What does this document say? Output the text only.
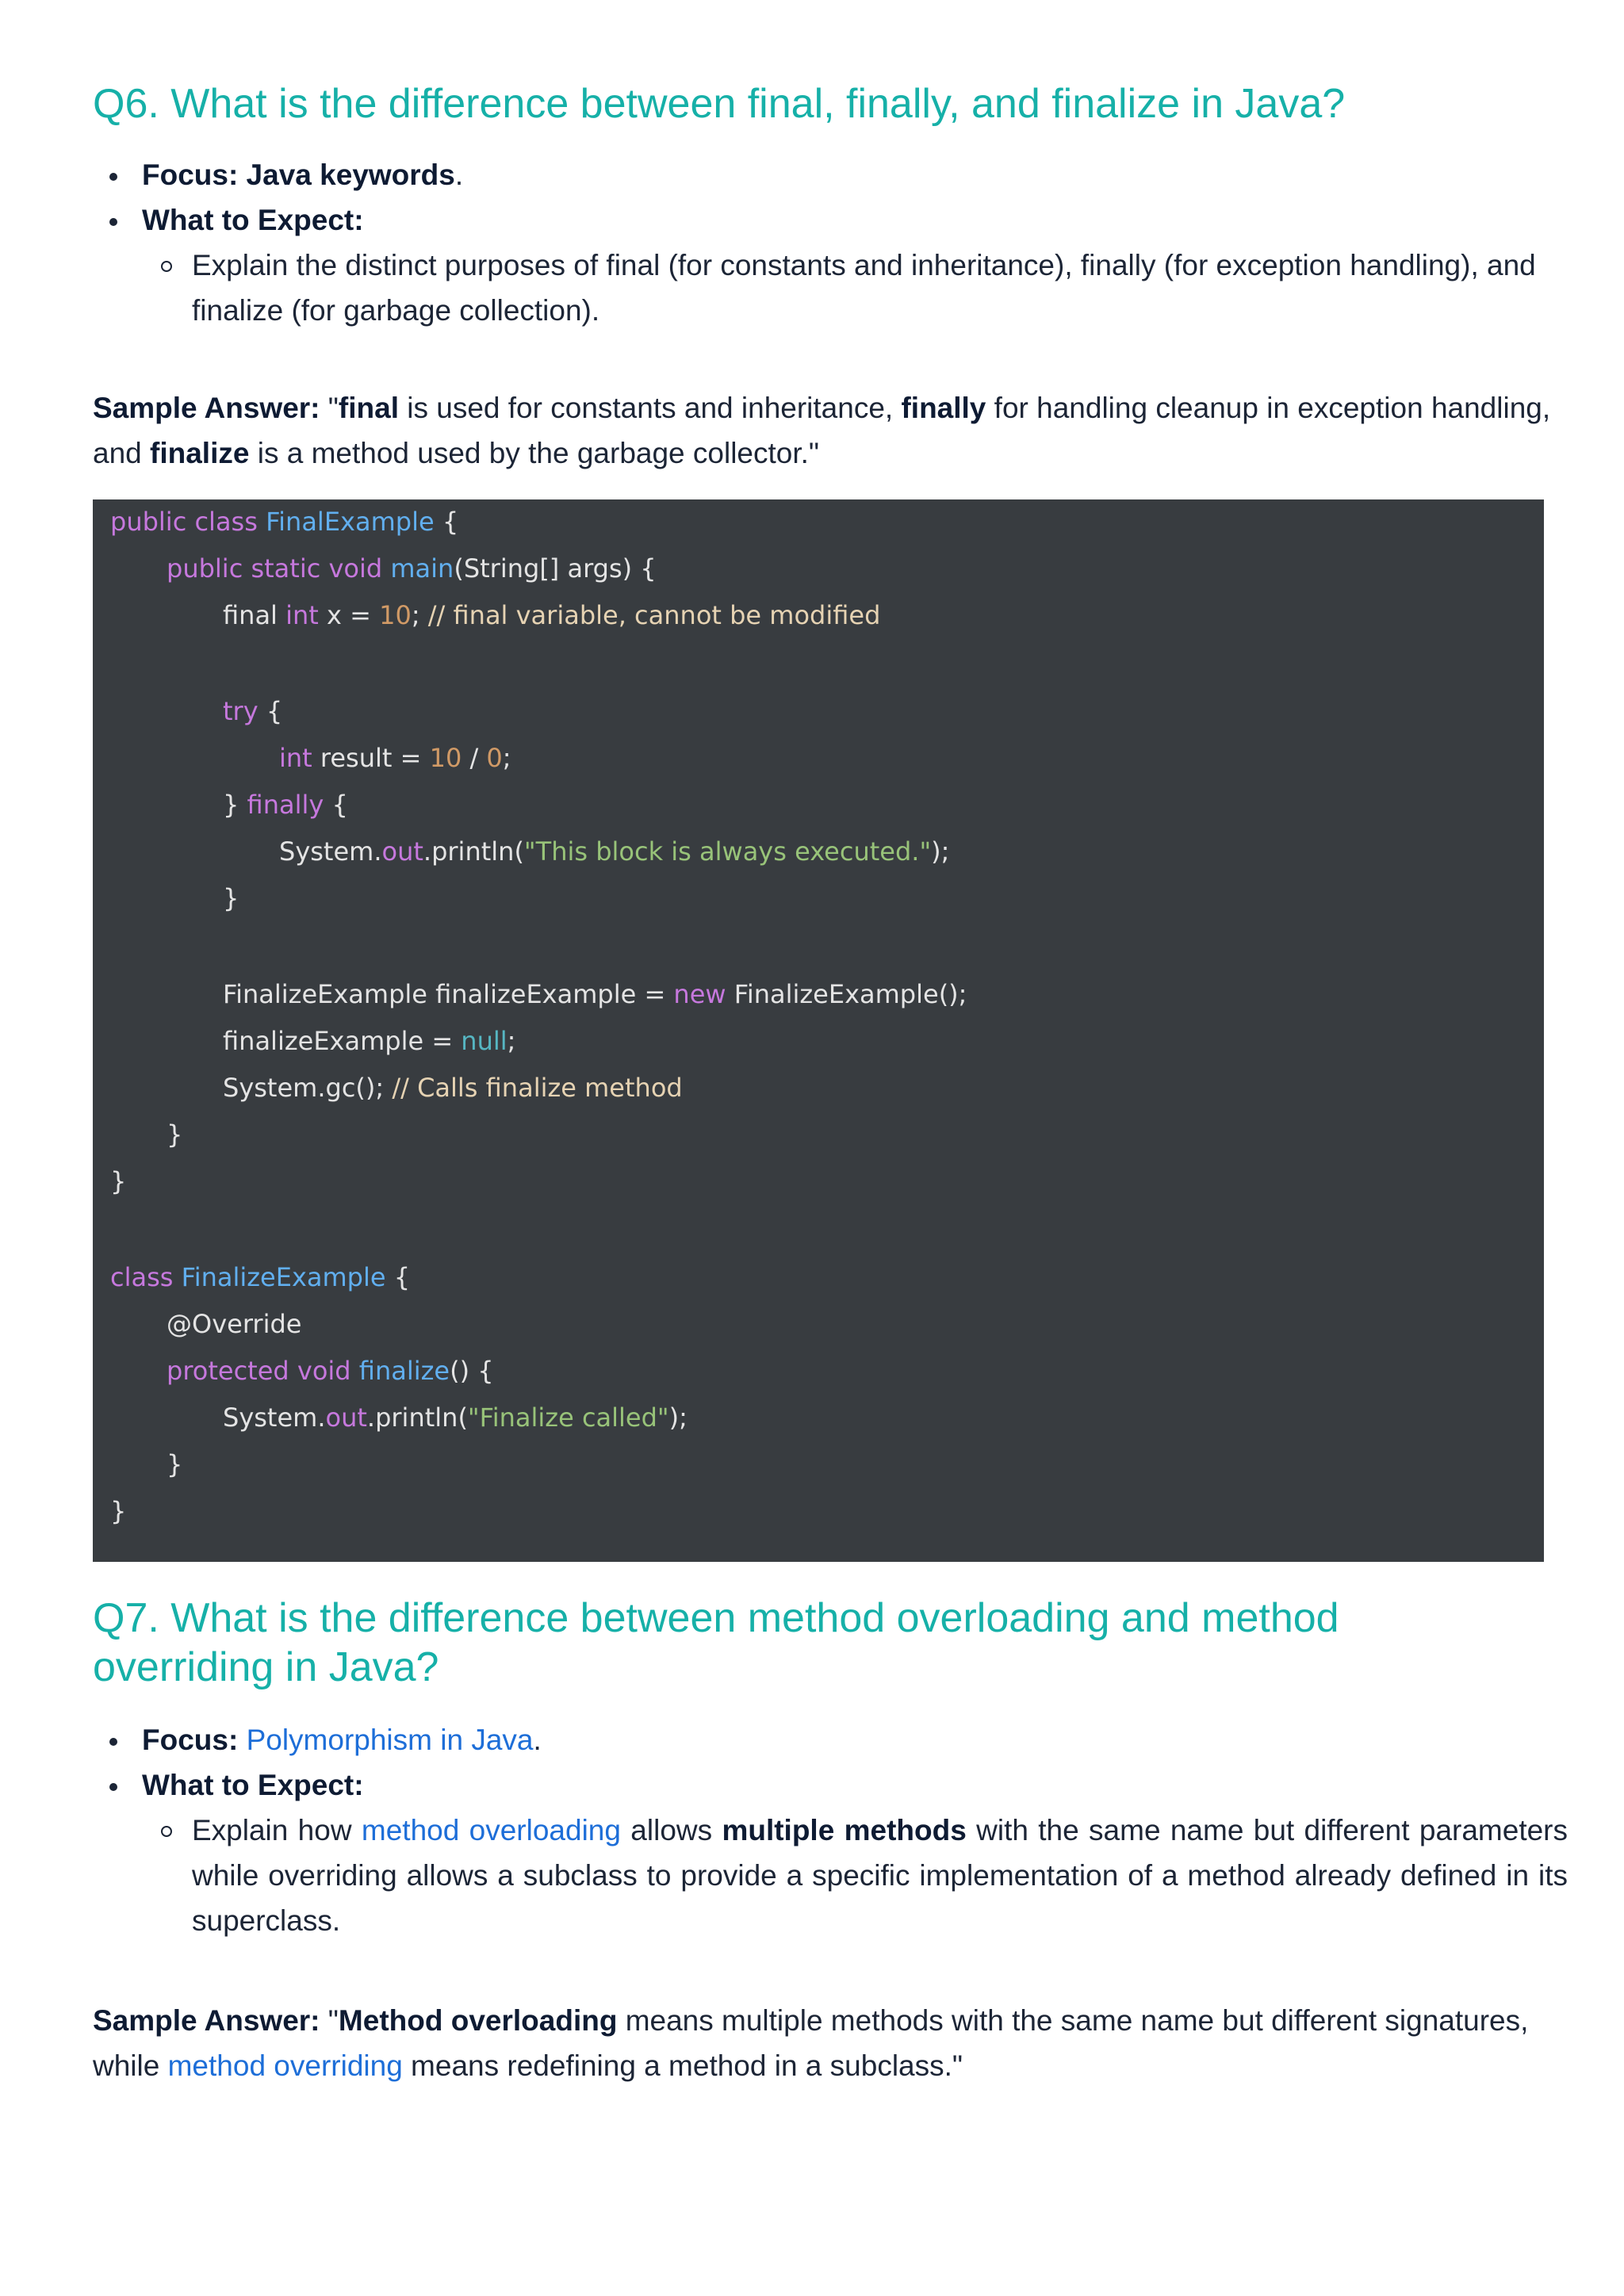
Q6. What is the difference between final, finally, and finalize in Java?
Focus: Java keywords.
What to Expect:
Explain the distinct purposes of final (for constants and inheritance), finally (for exception handling), and finalize (for garbage collection).

Sample Answer: "final is used for constants and inheritance, finally for handling cleanup in exception handling, and finalize is a method used by the garbage collector."

public class FinalExample {
public static void main(String[] args) {
final int x = 10; // final variable, cannot be modified
try {
int result = 10 / 0;
} finally {
System.out.println("This block is always executed.");
}
FinalizeExample finalizeExample = new FinalizeExample();
finalizeExample = null;
System.gc(); // Calls finalize method
}
}
class FinalizeExample {
@Override
protected void finalize() {
System.out.println("Finalize called");
}
}
Q7. What is the difference between method overloading and method overriding in Java?
Focus: Polymorphism in Java.
What to Expect:
Explain how method overloading allows multiple methods with the same name but different parameters while overriding allows a subclass to provide a specific implementation of a method already defined in its superclass.

Sample Answer: "Method overloading means multiple methods with the same name but different signatures, while method overriding means redefining a method in a subclass."
